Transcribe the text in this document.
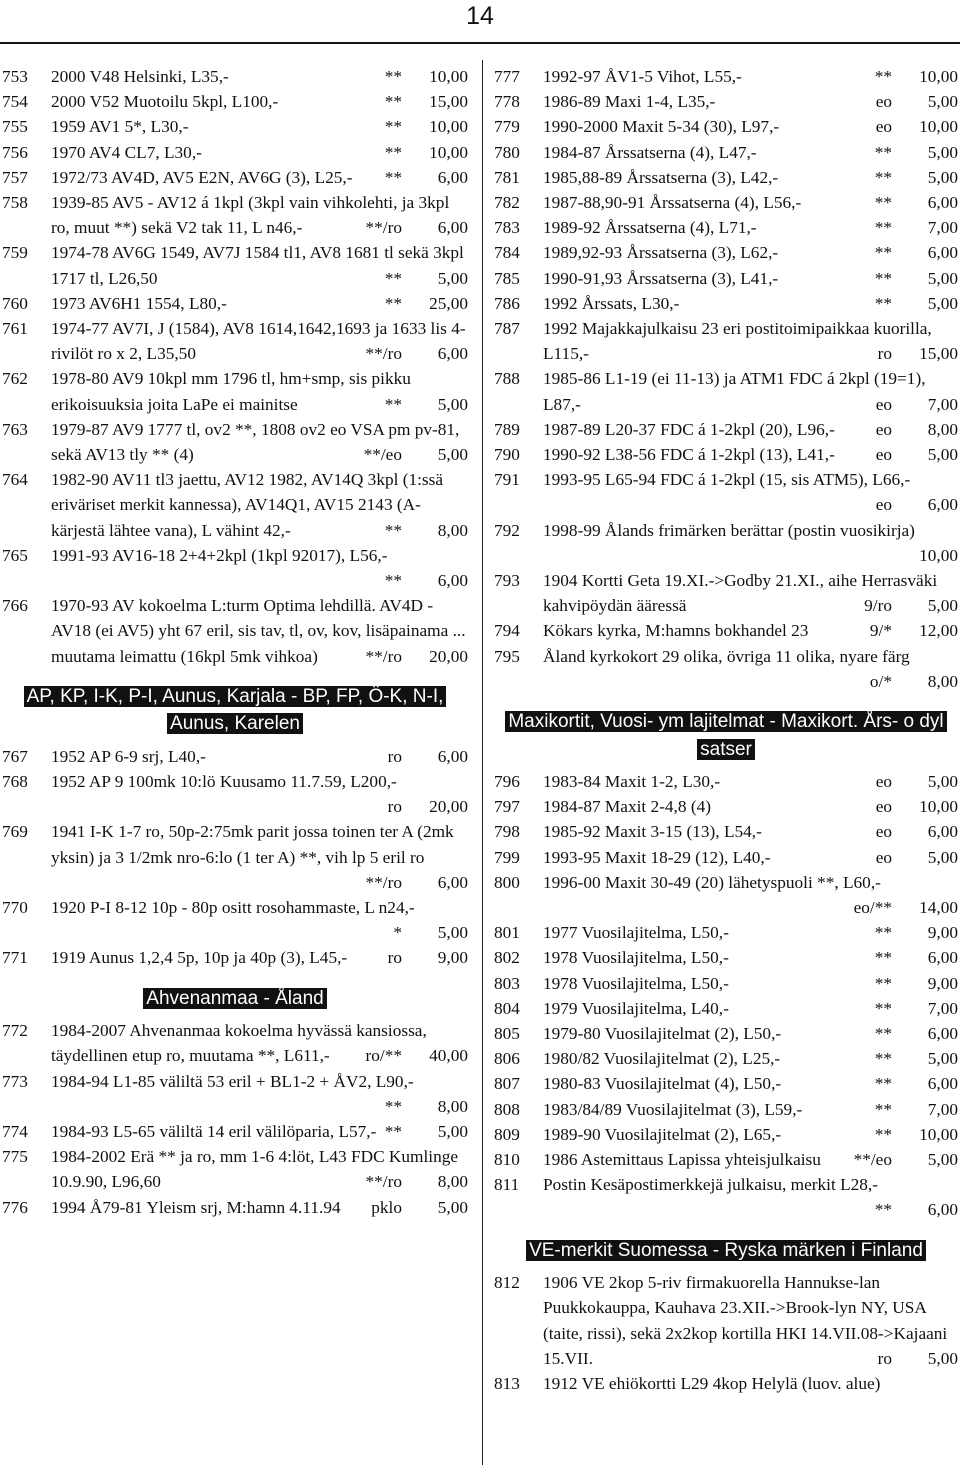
14
753 2000 V48 Helsinki, L35,-	** 10,00
754 2000 V52 Muotoilu 5kpl, L100,-	** 15,00
755 1959 AV1 5*, L30,-	** 10,00
756 1970 AV4 CL7, L30,-	** 10,00
757 1972/73 AV4D, AV5 E2N, AV6G (3), L25,-	** 6,00
758 1939-85 AV5 - AV12 á 1kpl (3kpl vain vihkolehti, ja 3kpl ro, muut **) sekä V2 tak 11, L n46,-	**/ro 6,00
759 1974-78 AV6G 1549, AV7J 1584 tl1, AV8 1681 tl sekä 3kpl 1717 tl, L26,50	** 5,00
760 1973 AV6H1 1554, L80,-	** 25,00
761 1974-77 AV7I, J (1584), AV8 1614,1642,1693 ja 1633 lis 4-rivilöt ro x 2, L35,50	**/ro 6,00
762 1978-80 AV9 10kpl mm 1796 tl, hm+smp, sis pikku erikoisuuksia joita LaPe ei mainitse	** 5,00
763 1979-87 AV9 1777 tl, ov2 **, 1808 ov2 eo VSA pm pv-81, sekä AV13 tly ** (4)	**/eo 5,00
764 1982-90 AV11 tl3 jaettu, AV12 1982, AV14Q 3kpl (1:ssä eriväriset merkit kannessa), AV14Q1, AV15 2143 (A-kärjestä lähtee vana), L vähint 42,-	** 8,00
765 1991-93 AV16-18 2+4+2kpl (1kpl 92017), L56,-
** 6,00
766 1970-93 AV kokoelma L:turm Optima lehdillä. AV4D - AV18 (ei AV5) yht 67 eril, sis tav, tl, ov, kov, lisäpainama ... muutama leimattu (16kpl 5mk vihkoa)	**/ro 20,00
AP, KP, I-K, P-I, Aunus, Karjala - BP, FP, Ö-K, N-I, Aunus, Karelen
767 1952 AP 6-9 srj, L40,-	ro 6,00
768 1952 AP 9 100mk 10:lö Kuusamo 11.7.59, L200,-
ro 20,00
769 1941 I-K 1-7 ro, 50p-2:75mk parit jossa toinen ter A (2mk yksin) ja 3 1/2mk nro-6:lo (1 ter A) **, vih lp 5 eril ro
**/ro 6,00
770 1920 P-I 8-12 10p - 80p ositt rosohammaste, L n24,-
* 5,00
771 1919 Aunus 1,2,4 5p, 10p ja 40p (3), L45,-	ro 9,00
Ahvenanmaa - Åland
772 1984-2007 Ahvenanmaa kokoelma hyvässä kansiossa, täydellinen etup ro, muutama **, L611,-	ro/** 40,00
773 1984-94 L1-85 väliltä 53 eril + BL1-2 + ÅV2, L90,-
** 8,00
774 1984-93 L5-65 väliltä 14 eril välilöparia, L57,- ** 5,00
775 1984-2002 Erä ** ja ro, mm 1-6 4:löt, L43 FDC Kumlinge 10.9.90, L96,60	**/ro 8,00
776 1994 Å79-81 Yleism srj, M:hamn 4.11.94	pklo 5,00
777 1992-97 ÅV1-5 Vihot, L55,-	** 10,00
778 1986-89 Maxi 1-4, L35,-	eo 5,00
779 1990-2000 Maxit 5-34 (30), L97,-	eo 10,00
780 1984-87 Årssatserna (4), L47,-	** 5,00
781 1985,88-89 Årssatserna (3), L42,-	** 5,00
782 1987-88,90-91 Årssatserna (4), L56,-	** 6,00
783 1989-92 Årssatserna (4), L71,-	** 7,00
784 1989,92-93 Årssatserna (3), L62,-	** 6,00
785 1990-91,93 Årssatserna (3), L41,-	** 5,00
786 1992 Årssats, L30,-	** 5,00
787 1992 Majakkajulkaisu 23 eri postitoimipaikkaa kuorilla, L115,-	ro 15,00
788 1985-86 L1-19 (ei 11-13) ja ATM1 FDC á 2kpl (19=1), L87,-	eo 7,00
789 1987-89 L20-37 FDC á 1-2kpl (20), L96,-	eo 8,00
790 1990-92 L38-56 FDC á 1-2kpl (13), L41,-	eo 5,00
791 1993-95 L65-94 FDC á 1-2kpl (15, sis ATM5), L66,-
eo 6,00
792 1998-99 Ålands frimärken berättar (postin vuosikirja)
10,00
793 1904 Kortti Geta 19.XI.->Godby 21.XI., aihe Herrasväki kahvipöydän ääressä	9/ro 5,00
794 Kökars kyrka, M:hamns bokhandel 23	9/* 12,00
795 Åland kyrkokort 29 olika, övriga 11 olika, nyare färg
o/* 8,00
Maxikortit, Vuosi- ym lajitelmat - Maxikort. Års- o dyl satser
796 1983-84 Maxit 1-2, L30,-	eo 5,00
797 1984-87 Maxit 2-4,8 (4)	eo 10,00
798 1985-92 Maxit 3-15 (13), L54,-	eo 6,00
799 1993-95 Maxit 18-29 (12), L40,-	eo 5,00
800 1996-00 Maxit 30-49 (20) lähetyspuoli **, L60,-
eo/** 14,00
801 1977 Vuosilajitelma, L50,-	** 9,00
802 1978 Vuosilajitelma, L50,-	** 6,00
803 1978 Vuosilajitelma, L50,-	** 9,00
804 1979 Vuosilajitelma, L40,-	** 7,00
805 1979-80 Vuosilajitelmat (2), L50,-	** 6,00
806 1980/82 Vuosilajitelmat (2), L25,-	** 5,00
807 1980-83 Vuosilajitelmat (4), L50,-	** 6,00
808 1983/84/89 Vuosilajitelmat (3), L59,-	** 7,00
809 1989-90 Vuosilajitelmat (2), L65,-	** 10,00
810 1986 Astemittaus Lapissa yhteisjulkaisu	**/eo 5,00
811 Postin Kesäpostimerkkejä julkaisu, merkit L28,-
** 6,00
VE-merkit Suomessa - Ryska märken i Finland
812 1906 VE 2kop 5-riv firmakuorella Hannukse-lan Puukkokauppa, Kauhava 23.XII.->Brook-lyn NY, USA (taite, rissi), sekä 2x2kop kortilla HKI 14.VII.08->Kajaani 15.VII.	ro 5,00
813 1912 VE ehiökortti L29 4kop Helylä (luov. alue)
